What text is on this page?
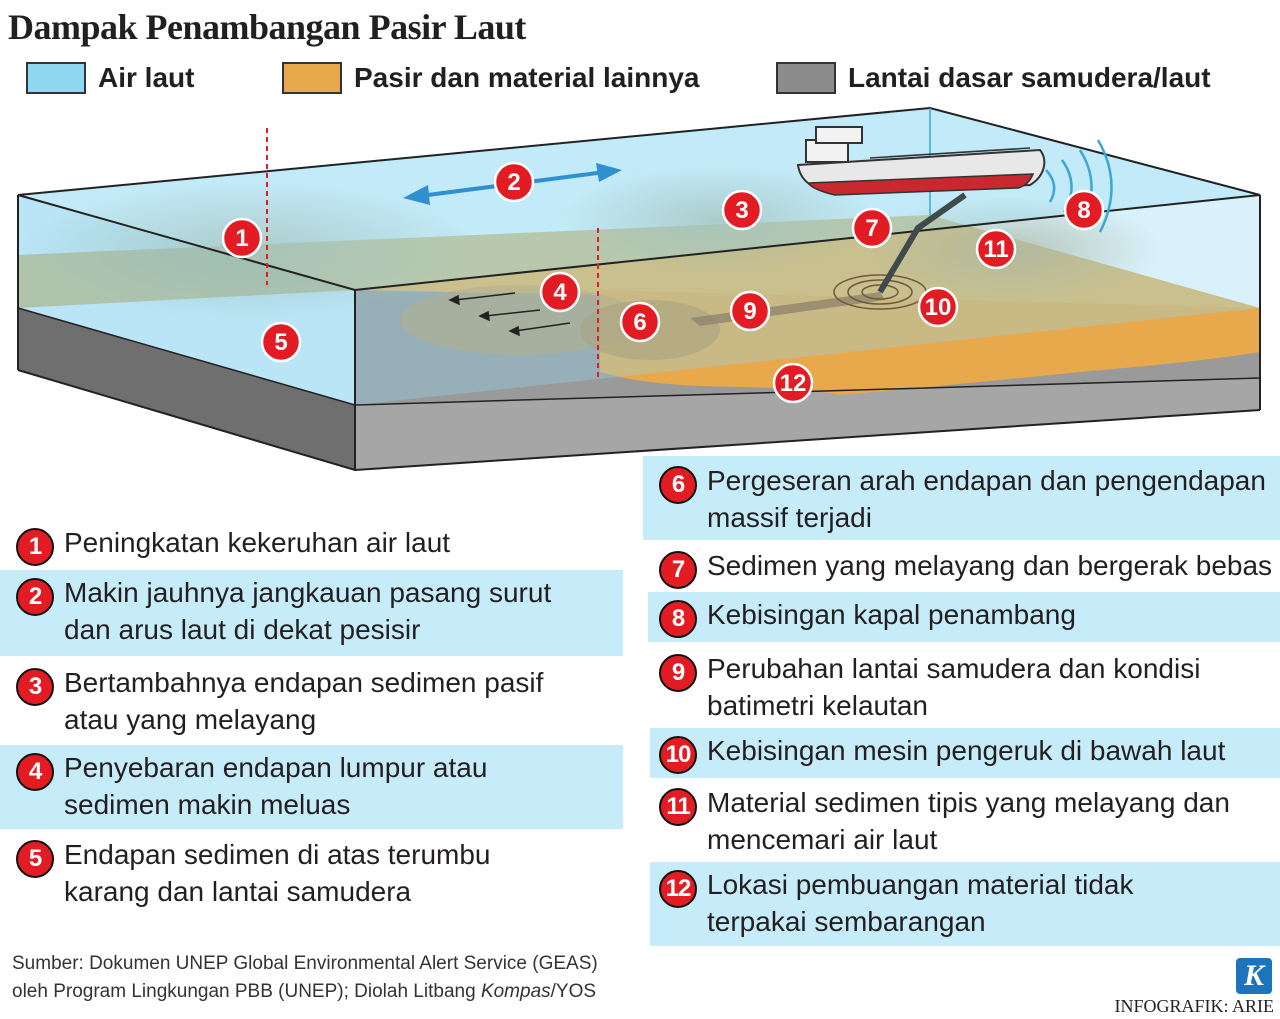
Dampak Penambangan Pasir Laut
Air laut	Pasir dan material lainnya	Lantai dasar samudera/laut
1
2
3
4
5
6
7
8
9	10
11
12
1 Peningkatan kekeruhan air laut
2 Makin jauhnya jangkauan pasang surut dan arus laut di dekat pesisir
3 Bertambahnya endapan sedimen pasif atau yang melayang
4 Penyebaran endapan lumpur atau sedimen makin meluas
5 Endapan sedimen di atas terumbu karang dan lantai samudera
6 Pergeseran arah endapan dan pengendapan massif terjadi
7 Sedimen yang melayang dan bergerak bebas
8 Kebisingan kapal penambang
9 Perubahan lantai samudera dan kondisi batimetri kelautan
10 Kebisingan mesin pengeruk di bawah laut
11 Material sedimen tipis yang melayang dan mencemari air laut
12 Lokasi pembuangan material tidak terpakai sembarangan
Sumber: Dokumen UNEP Global Environmental Alert Service (GEAS)
oleh Program Lingkungan PBB (UNEP); Diolah Litbang Kompas/YOS	K
INFOGRAFIK: ARIE
